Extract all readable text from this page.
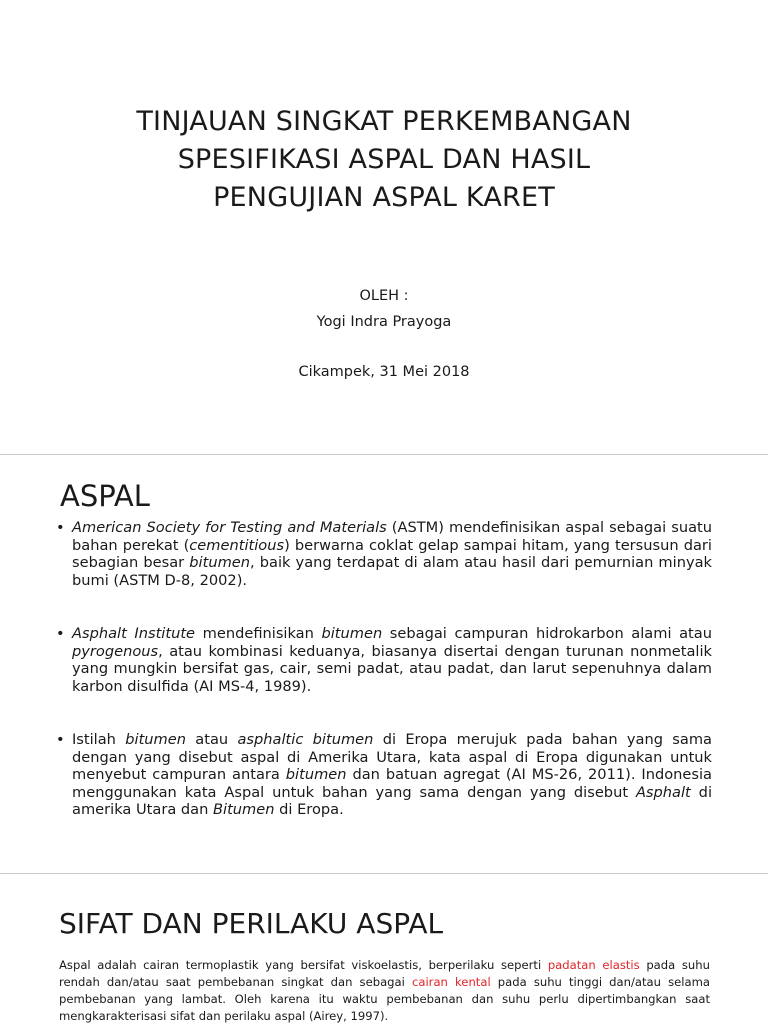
TINJAUAN SINGKAT PERKEMBANGAN
SPESIFIKASI ASPAL DAN HASIL
PENGUJIAN ASPAL KARET
OLEH :
Yogi Indra Prayoga
Cikampek, 31 Mei 2018
ASPAL
• American Society for Testing and Materials (ASTM) mendefinisikan aspal sebagai suatu bahan perekat (cementitious) berwarna coklat gelap sampai hitam, yang tersusun dari sebagian besar bitumen, baik yang terdapat di alam atau hasil dari pemurnian minyak bumi (ASTM D-8, 2002).
• Asphalt Institute mendefinisikan bitumen sebagai campuran hidrokarbon alami atau pyrogenous, atau kombinasi keduanya, biasanya disertai dengan turunan nonmetalik yang mungkin bersifat gas, cair, semi padat, atau padat, dan larut sepenuhnya dalam karbon disulfida (AI MS-4, 1989).
• Istilah bitumen atau asphaltic bitumen di Eropa merujuk pada bahan yang sama dengan yang disebut aspal di Amerika Utara, kata aspal di Eropa digunakan untuk menyebut campuran antara bitumen dan batuan agregat (AI MS-26, 2011). Indonesia menggunakan kata Aspal untuk bahan yang sama dengan yang disebut Asphalt di amerika Utara dan Bitumen di Eropa.
SIFAT DAN PERILAKU ASPAL

Aspal adalah cairan termoplastik yang bersifat viskoelastis, berperilaku seperti padatan elastis pada suhu rendah dan/atau saat pembebanan singkat dan sebagai cairan kental pada suhu tinggi dan/atau selama pembebanan yang lambat. Oleh karena itu waktu pembebanan dan suhu perlu dipertimbangkan saat mengkarakterisasi sifat dan perilaku aspal (Airey, 1997).
